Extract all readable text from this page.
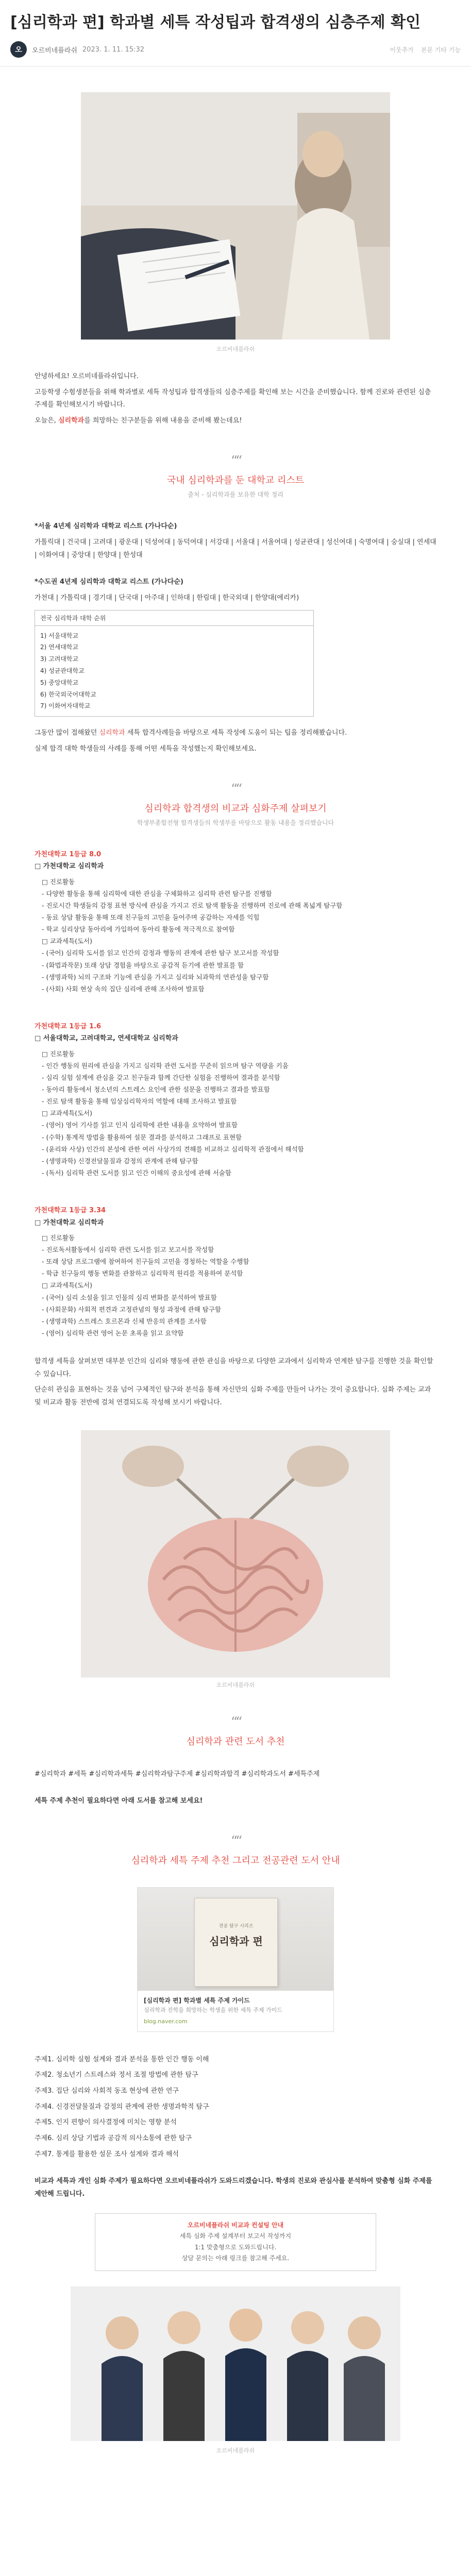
[심리학과 편] 학과별 세특 작성팁과 합격생의 심층주제 확인
오	오르비네플라쉬 2023. 1. 11. 15:32	이웃추가 본문 기타 기능
오르비네플라쉬

안녕하세요! 오르비네플라쉬입니다.

고등학생 수험생분들을 위해 학과별로 세특 작성팁과 합격생들의 심층주제를 확인해 보는 시간을 준비했습니다. 함께 진로와 관련된 심층주제를 확인해보시기 바랍니다.

오늘은, 심리학과를 희망하는 친구분들을 위해 내용을 준비해 봤는데요!

““
국내 심리학과를 둔 대학교 리스트
출처 - 심리학과를 보유한 대학 정리

*서울 4년제 심리학과 대학교 리스트 (가나다순)

가톨릭대 | 건국대 | 고려대 | 광운대 | 덕성여대 | 동덕여대 | 서강대 | 서울대 | 서울여대 | 성균관대 | 성신여대 | 숙명여대 | 숭실대 | 연세대 | 이화여대 | 중앙대 | 한양대 | 한성대

*수도권 4년제 심리학과 대학교 리스트 (가나다순)

가천대 | 가톨릭대 | 경기대 | 단국대 | 아주대 | 인하대 | 한림대 | 한국외대 | 한양대(에리카)

전국 심리학과 대학 순위
1) 서울대학교
2) 연세대학교
3) 고려대학교
4) 성균관대학교
5) 중앙대학교
6) 한국외국어대학교
7) 이화여자대학교

그동안 많이 접해왔던 심리학과 세특 합격사례들을 바탕으로 세특 작성에 도움이 되는 팁을 정리해봤습니다.

실제 합격 대학 학생들의 사례를 통해 어떤 세특을 작성했는지 확인해보세요.

““
심리학과 합격생의 비교과 심화주제 살펴보기
학생부종합전형 합격생들의 학생부를 바탕으로 활동 내용을 정리했습니다

가천대학교 1등급 8.0

□ 가천대학교 심리학과

□ 진로활동

- 다양한 활동을 통해 심리학에 대한 관심을 구체화하고 심리학 관련 탐구를 진행함

- 진로시간 학생들의 감정 표현 방식에 관심을 가지고 진로 탐색 활동을 진행하며 진로에 관해 폭넓게 탐구함

- 동료 상담 활동을 통해 또래 친구들의 고민을 들어주며 공감하는 자세를 익힘

- 학교 심리상담 동아리에 가입하여 동아리 활동에 적극적으로 참여함

□ 교과세특(도서)

- (국어) 심리학 도서를 읽고 인간의 감정과 행동의 관계에 관한 탐구 보고서를 작성함

- (화법과작문) 또래 상담 경험을 바탕으로 공감적 듣기에 관한 발표를 함

- (생명과학) 뇌의 구조와 기능에 관심을 가지고 심리와 뇌과학의 연관성을 탐구함

- (사회) 사회 현상 속의 집단 심리에 관해 조사하여 발표함

가천대학교 1등급 1.6

□ 서울대학교, 고려대학교, 연세대학교 심리학과

□ 진로활동

- 인간 행동의 원리에 관심을 가지고 심리학 관련 도서를 꾸준히 읽으며 탐구 역량을 키움

- 심리 실험 설계에 관심을 갖고 친구들과 함께 간단한 실험을 진행하여 결과를 분석함

- 동아리 활동에서 청소년의 스트레스 요인에 관한 설문을 진행하고 결과를 발표함

- 진로 탐색 활동을 통해 임상심리학자의 역할에 대해 조사하고 발표함

□ 교과세특(도서)

- (영어) 영어 기사를 읽고 인지 심리학에 관한 내용을 요약하여 발표함

- (수학) 통계적 방법을 활용하여 설문 결과를 분석하고 그래프로 표현함

- (윤리와 사상) 인간의 본성에 관한 여러 사상가의 견해를 비교하고 심리학적 관점에서 해석함

- (생명과학) 신경전달물질과 감정의 관계에 관해 탐구함

- (독서) 심리학 관련 도서를 읽고 인간 이해의 중요성에 관해 서술함

가천대학교 1등급 3.34

□ 가천대학교 심리학과

□ 진로활동

- 진로독서활동에서 심리학 관련 도서를 읽고 보고서를 작성함

- 또래 상담 프로그램에 참여하여 친구들의 고민을 경청하는 역할을 수행함

- 학급 친구들의 행동 변화를 관찰하고 심리학적 원리를 적용하여 분석함

□ 교과세특(도서)

- (국어) 심리 소설을 읽고 인물의 심리 변화를 분석하여 발표함

- (사회문화) 사회적 편견과 고정관념의 형성 과정에 관해 탐구함

- (생명과학) 스트레스 호르몬과 신체 반응의 관계를 조사함

- (영어) 심리학 관련 영어 논문 초록을 읽고 요약함

합격생 세특을 살펴보면 대부분 인간의 심리와 행동에 관한 관심을 바탕으로 다양한 교과에서 심리학과 연계한 탐구를 진행한 것을 확인할 수 있습니다.

단순히 관심을 표현하는 것을 넘어 구체적인 탐구와 분석을 통해 자신만의 심화 주제를 만들어 나가는 것이 중요합니다. 심화 주제는 교과 및 비교과 활동 전반에 걸쳐 연결되도록 작성해 보시기 바랍니다.

오르비네플라쉬
““
심리학과 관련 도서 추천

#심리학과 #세특 #심리학과세특 #심리학과탐구주제 #심리학과합격 #심리학과도서 #세특주제

세특 주제 추천이 필요하다면 아래 도서를 참고해 보세요!

““
심리학과 세특 주제 추천 그리고 전공관련 도서 안내
전공 탐구 시리즈
심리학과 편
[심리학과 편] 학과별 세특 주제 가이드
심리학과 진학을 희망하는 학생을 위한 세특 주제 가이드
blog.naver.com

주제1. 심리학 실험 설계와 결과 분석을 통한 인간 행동 이해

주제2. 청소년기 스트레스와 정서 조절 방법에 관한 탐구

주제3. 집단 심리와 사회적 동조 현상에 관한 연구

주제4. 신경전달물질과 감정의 관계에 관한 생명과학적 탐구

주제5. 인지 편향이 의사결정에 미치는 영향 분석

주제6. 심리 상담 기법과 공감적 의사소통에 관한 탐구

주제7. 통계를 활용한 설문 조사 설계와 결과 해석

비교과 세특과 개인 심화 주제가 필요하다면 오르비네플라쉬가 도와드리겠습니다. 학생의 진로와 관심사를 분석하여 맞춤형 심화 주제를 제안해 드립니다.

오르비네플라쉬 비교과 컨설팅 안내
세특 심화 주제 설계부터 보고서 작성까지
1:1 맞춤형으로 도와드립니다.
상담 문의는 아래 링크를 참고해 주세요.
오르비네플라쉬
